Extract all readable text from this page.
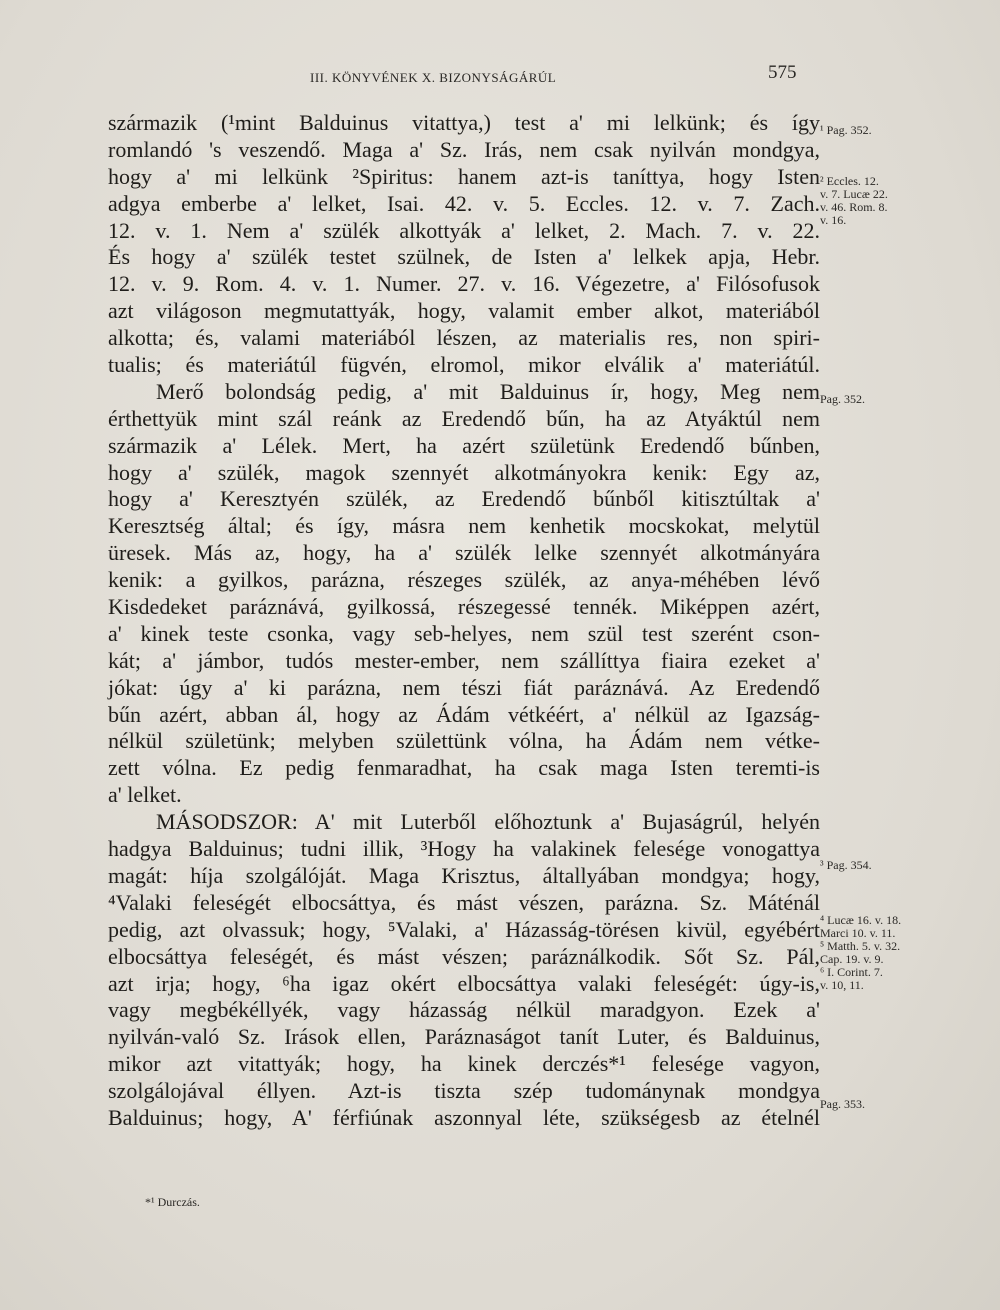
III. KÖNYVÉNEK X. BIZONYSÁGÁRÚL	575
származik (¹mint Balduinus vitattya,) test a' mi lelkünk; és így
romlandó 's veszendő. Maga a' Sz. Irás, nem csak nyilván mondgya,
hogy a' mi lelkünk ²Spiritus: hanem azt-is taníttya, hogy Isten
adgya emberbe a' lelket, Isai. 42. v. 5. Eccles. 12. v. 7. Zach.
12. v. 1. Nem a' szülék alkottyák a' lelket, 2. Mach. 7. v. 22.
És hogy a' szülék testet szülnek, de Isten a' lelkek apja, Hebr.
12. v. 9. Rom. 4. v. 1. Numer. 27. v. 16. Végezetre, a' Filósofusok
azt világoson megmutattyák, hogy, valamit ember alkot, materiából
alkotta; és, valami materiából lészen, az materialis res, non spiri-
tualis; és materiátúl fügvén, elromol, mikor elválik a' materiátúl.
Merő bolondság pedig, a' mit Balduinus ír, hogy, Meg nem
érthettyük mint szál reánk az Eredendő bűn, ha az Atyáktúl nem
származik a' Lélek. Mert, ha azért születünk Eredendő bűnben,
hogy a' szülék, magok szennyét alkotmányokra kenik: Egy az,
hogy a' Keresztyén szülék, az Eredendő bűnből kitisztúltak a'
Keresztség által; és így, másra nem kenhetik mocskokat, melytül
üresek. Más az, hogy, ha a' szülék lelke szennyét alkotmányára
kenik: a gyilkos, parázna, részeges szülék, az anya-méhében lévő
Kisdedeket paráznává, gyilkossá, részegessé tennék. Miképpen azért,
a' kinek teste csonka, vagy seb-helyes, nem szül test szerént cson-
kát; a' jámbor, tudós mester-ember, nem szállíttya fiaira ezeket a'
jókat: úgy a' ki parázna, nem tészi fiát paráznává. Az Eredendő
bűn azért, abban ál, hogy az Ádám vétkéért, a' nélkül az Igazság-
nélkül születünk; melyben születtünk vólna, ha Ádám nem vétke-
zett vólna. Ez pedig fenmaradhat, ha csak maga Isten teremti-is
a' lelket.
MÁSODSZOR: A' mit Luterből előhoztunk a' Bujaságrúl, helyén
hadgya Balduinus; tudni illik, ³Hogy ha valakinek felesége vonogattya
magát: híja szolgálóját. Maga Krisztus, általlyában mondgya; hogy,
⁴Valaki feleségét elbocsáttya, és mást vészen, parázna. Sz. Máténál
pedig, azt olvassuk; hogy, ⁵Valaki, a' Házasság-törésen kivül, egyébért
elbocsáttya feleségét, és mást vészen; paráználkodik. Sőt Sz. Pál,
azt irja; hogy, ⁶ha igaz okért elbocsáttya valaki feleségét: úgy-is,
vagy megbékéllyék, vagy házasság nélkül maradgyon. Ezek a'
nyilván-való Sz. Irások ellen, Paráznaságot tanít Luter, és Balduinus,
mikor azt vitattyák; hogy, ha kinek derczés*¹ felesége vagyon,
szolgálojával éllyen. Azt-is tiszta szép tudománynak mondgya
Balduinus; hogy, A' férfiúnak aszonnyal léte, szükségesb az ételnél
¹ Pag. 352.
² Eccles. 12.
v. 7. Lucæ 22.
v. 46. Rom. 8.
v. 16.
Pag. 352.
³ Pag. 354.
⁴ Lucæ 16. v. 18.
Marci 10. v. 11.
⁵ Matth. 5. v. 32.
Cap. 19. v. 9.
⁶ I. Corint. 7.
v. 10, 11.
Pag. 353.
*¹ Durczás.
